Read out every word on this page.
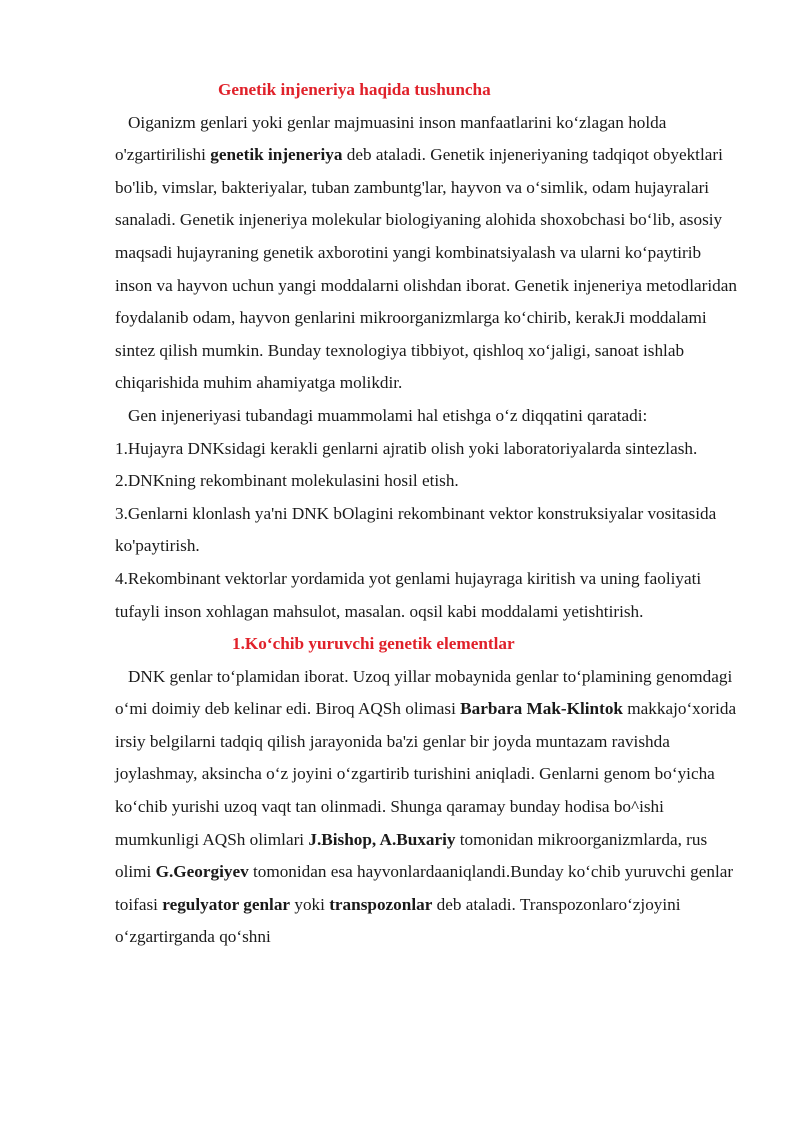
Genetik injeneriya haqida tushuncha

Oiganizm genlari yoki genlar majmuasini inson manfaatlarini ko‘zlagan holda o'zgartirilishi genetik injeneriya deb ataladi. Genetik injeneriyaning tadqiqot obyektlari bo'lib, vimslar, bakteriyalar, tuban zambuntg'lar, hayvon va o‘simlik, odam hujayralari sanaladi. Genetik injeneriya molekular biologiyaning alohida shoxobchasi bo‘lib, asosiy maqsadi hujayraning genetik axborotini yangi kombinatsiyalash va ularni ko‘paytirib inson va hayvon uchun yangi moddalarni olishdan iborat. Genetik injeneriya metodlaridan foydalanib odam, hayvon genlarini mikroorganizmlarga ko‘chirib, kerakJi moddalami sintez qilish mumkin. Bunday texnologiya tibbiyot, qishloq xo‘jaligi, sanoat ishlab chiqarishida muhim ahamiyatga molikdir.

Gen injeneriyasi tubandagi muammolami hal etishga o‘z diqqatini qaratadi:

1.Hujayra DNKsidagi kerakli genlarni ajratib olish yoki laboratoriyalarda sintezlash.

2.DNKning rekombinant molekulasini hosil etish.

3.Genlarni klonlash ya'ni DNK bOlagini rekombinant vektor konstruksiyalar vositasida ko'paytirish.

4.Rekombinant vektorlar yordamida yot genlami hujayraga kiritish va uning faoliyati tufayli inson xohlagan mahsulot, masalan. oqsil kabi moddalami yetishtirish.

1.Ko‘chib yuruvchi genetik elementlar

DNK genlar to‘plamidan iborat. Uzoq yillar mobaynida genlar to‘plamining genomdagi o‘mi doimiy deb kelinar edi. Biroq AQSh olimasi Barbara Mak-Klintok makkajo‘xorida irsiy belgilarni tadqiq qilish jarayonida ba'zi genlar bir joyda muntazam ravishda joylashmay, aksincha o‘z joyini o‘zgartirib turishini aniqladi. Genlarni genom bo‘yicha ko‘chib yurishi uzoq vaqt tan olinmadi. Shunga qaramay bunday hodisa bo^ishi mumkunligi AQSh olimlari J.Bishop, A.Buxariy tomonidan mikroorganizmlarda, rus olimi G.Georgiyev tomonidan esa hayvonlardaaniqlandi.Bunday ko‘chib yuruvchi genlar toifasi regulyator genlar yoki transpozonlar deb ataladi. Transpozonlaro‘zjoyini o‘zgartirganda qo‘shni
